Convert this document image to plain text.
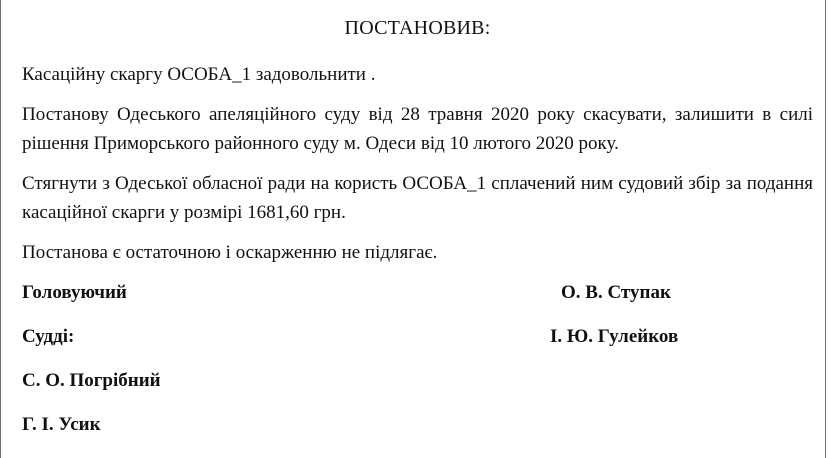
ПОСТАНОВИВ:

Касаційну скаргу ОСОБА_1 задовольнити .

Постанову Одеського апеляційного суду від 28 травня 2020 року скасувати, залишити в силі рішення Приморського районного суду м. Одеси від 10 лютого 2020 року.

Стягнути з Одеської обласної ради на користь ОСОБА_1 сплачений ним судовий збір за подання касаційної скарги у розмірі 1681,60 грн.

Постанова є остаточною і оскарженню не підлягає.

Головуючий	О. В. Ступак
Судді:	І. Ю. Гулейков
С. О. Погрібний
Г. І. Усик
